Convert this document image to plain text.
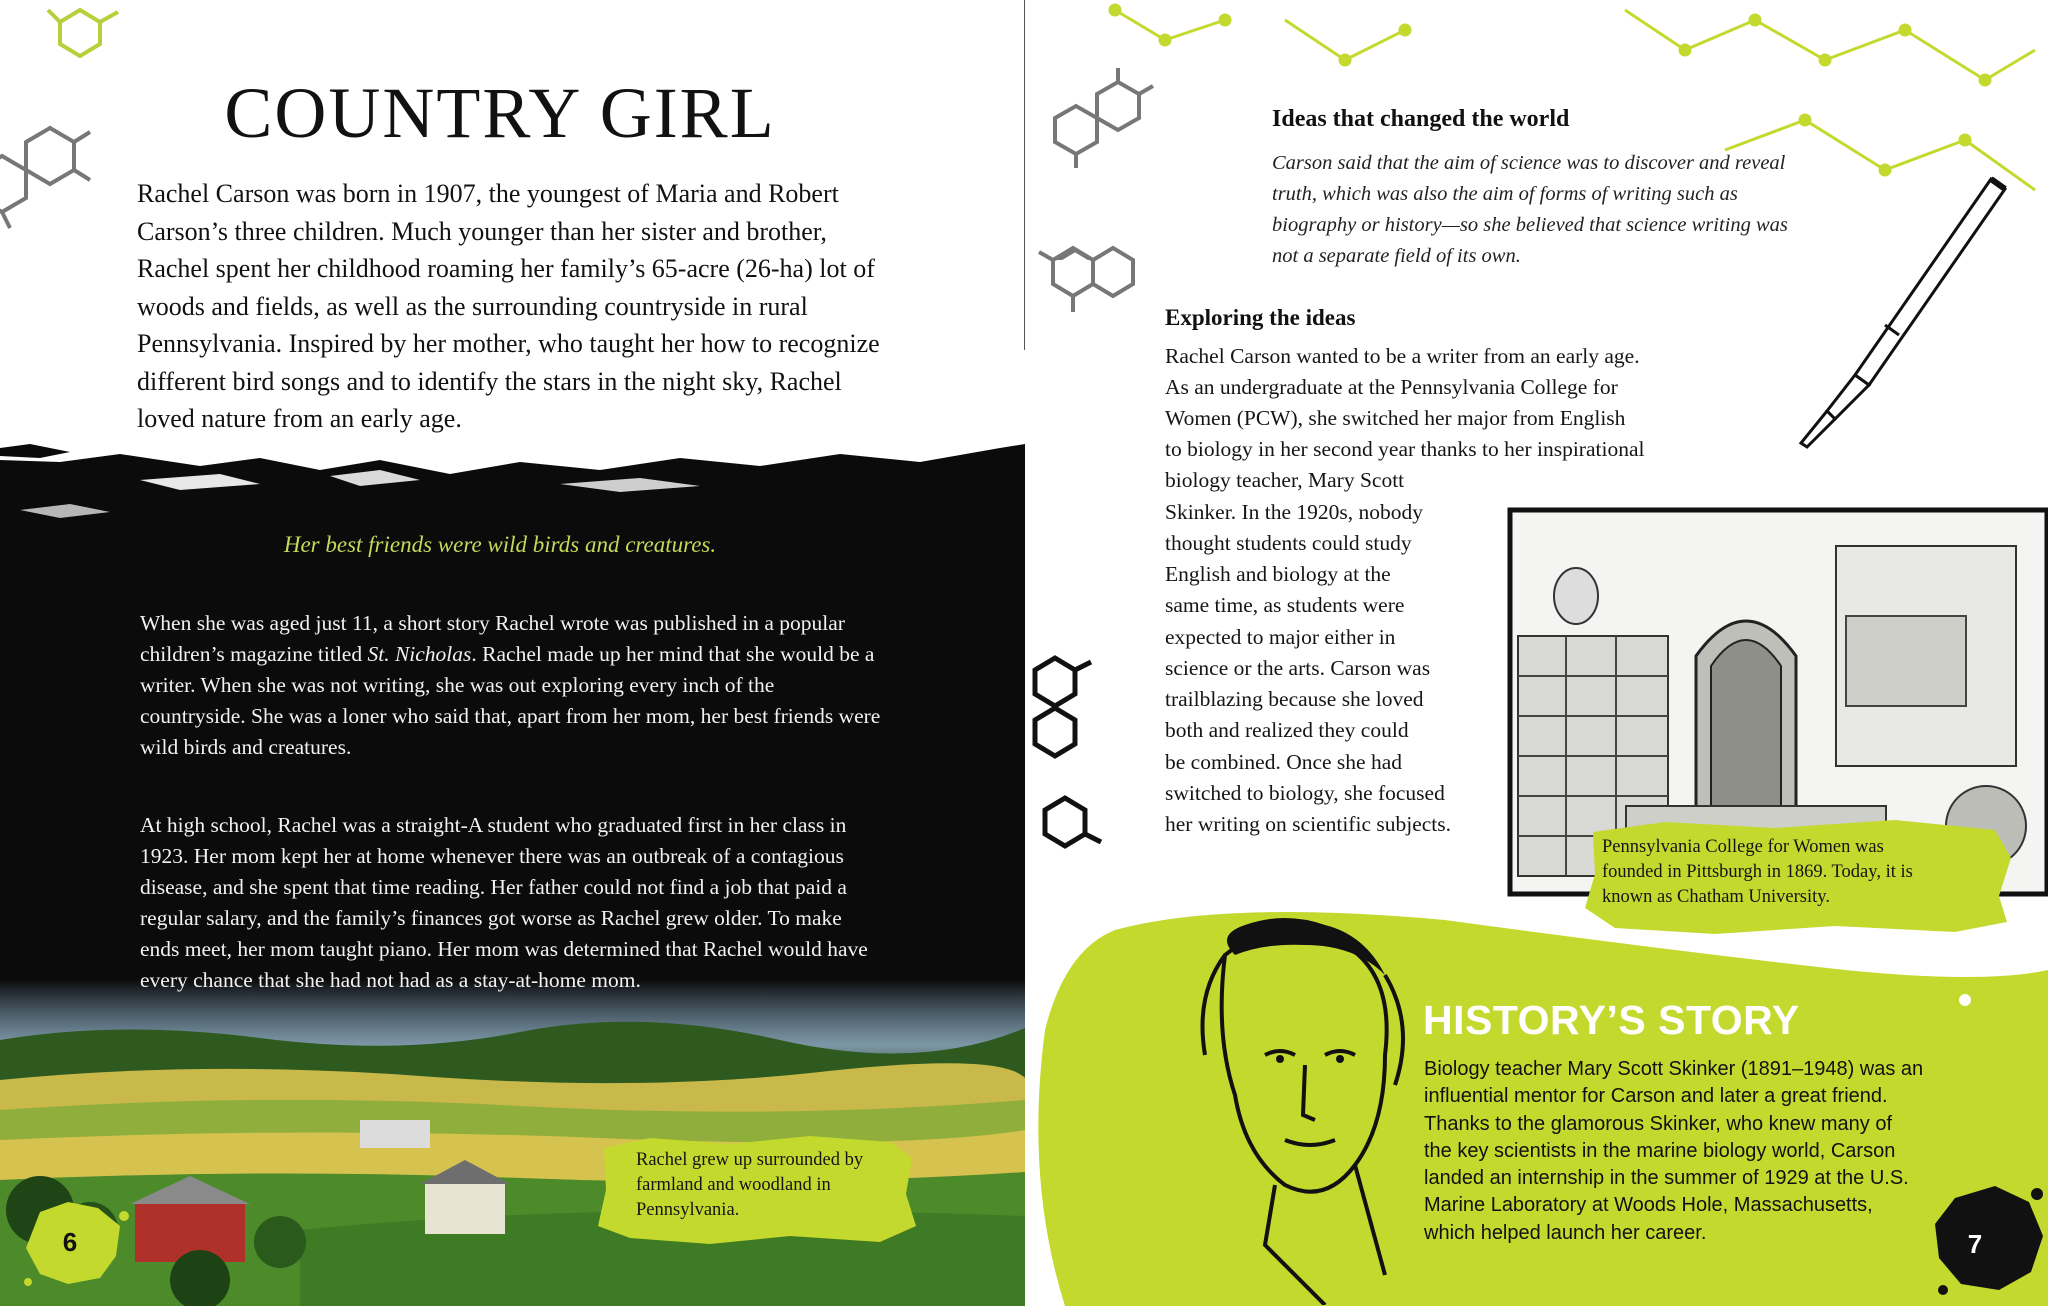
COUNTRY GIRL

Rachel Carson was born in 1907, the youngest of Maria and Robert Carson’s three children. Much younger than her sister and brother, Rachel spent her childhood roaming her family’s 65-acre (26-ha) lot of woods and fields, as well as the surrounding countryside in rural Pennsylvania. Inspired by her mother, who taught her how to recognize different bird songs and to identify the stars in the night sky, Rachel loved nature from an early age.

Her best friends were wild birds and creatures.

When she was aged just 11, a short story Rachel wrote was published in a popular children’s magazine titled St. Nicholas. Rachel made up her mind that she would be a writer. When she was not writing, she was out exploring every inch of the countryside. She was a loner who said that, apart from her mom, her best friends were wild birds and creatures.

At high school, Rachel was a straight-A student who graduated first in her class in 1923. Her mom kept her at home whenever there was an outbreak of a contagious disease, and she spent that time reading. Her father could not find a job that paid a regular salary, and the family’s finances got worse as Rachel grew older. To make ends meet, her mom taught piano. Her mom was determined that Rachel would have every chance that she had not had as a stay-at-home mom.

Rachel grew up surrounded by farmland and woodland in Pennsylvania.

6
Ideas that changed the world

Carson said that the aim of science was to discover and reveal truth, which was also the aim of forms of writing such as biography or history—so she believed that science writing was not a separate field of its own.

Exploring the ideas

Rachel Carson wanted to be a writer from an early age.

As an undergraduate at the Pennsylvania College for

Women (PCW), she switched her major from English

to biology in her second year thanks to her inspirational

biology teacher, Mary Scott

Skinker. In the 1920s, nobody

thought students could study

English and biology at the

same time, as students were

expected to major either in

science or the arts. Carson was

trailblazing because she loved

both and realized they could

be combined. Once she had

switched to biology, she focused

her writing on scientific subjects.

Pennsylvania College for Women was founded in Pittsburgh in 1869. Today, it is known as Chatham University.

HISTORY’S STORY

Biology teacher Mary Scott Skinker (1891–1948) was an influential mentor for Carson and later a great friend. Thanks to the glamorous Skinker, who knew many of the key scientists in the marine biology world, Carson landed an internship in the summer of 1929 at the U.S. Marine Laboratory at Woods Hole, Massachusetts, which helped launch her career.	7
